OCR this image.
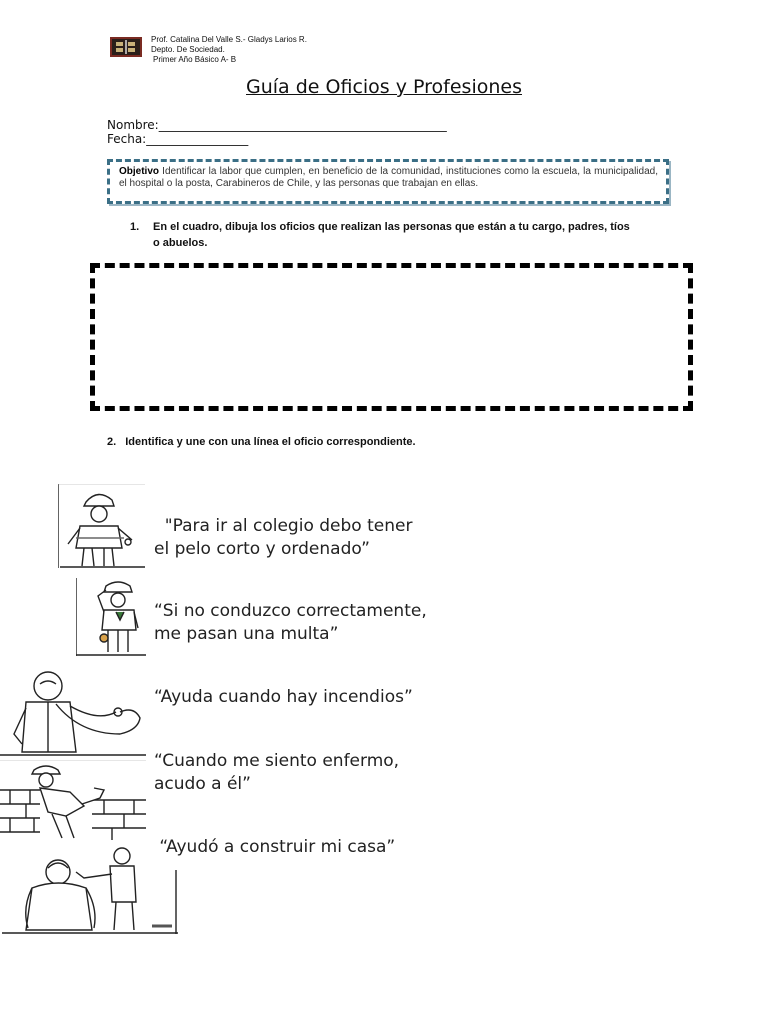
Prof. Catalina Del Valle S.- Gladys Larios R.
Depto. De Sociedad.
Primer Año Básico A- B
Guía de Oficios y Profesiones
Nombre:________________________________________________
Fecha:_________________
Objetivo Identificar la labor que cumplen, en beneficio de la comunidad, instituciones como la escuela, la municipalidad, el hospital o la posta, Carabineros de Chile, y las personas que trabajan en ellas.
1. En el cuadro, dibuja los oficios que realizan las personas que están a tu cargo, padres, tíos o abuelos.
2. Identifica y une con una línea el oficio correspondiente.
"Para ir al colegio debo tener
el pelo corto y ordenado”
“Si no conduzco correctamente,
me pasan una multa”
“Ayuda cuando hay incendios”
“Cuando me siento enfermo,
acudo a él”
“Ayudó a construir mi casa”
